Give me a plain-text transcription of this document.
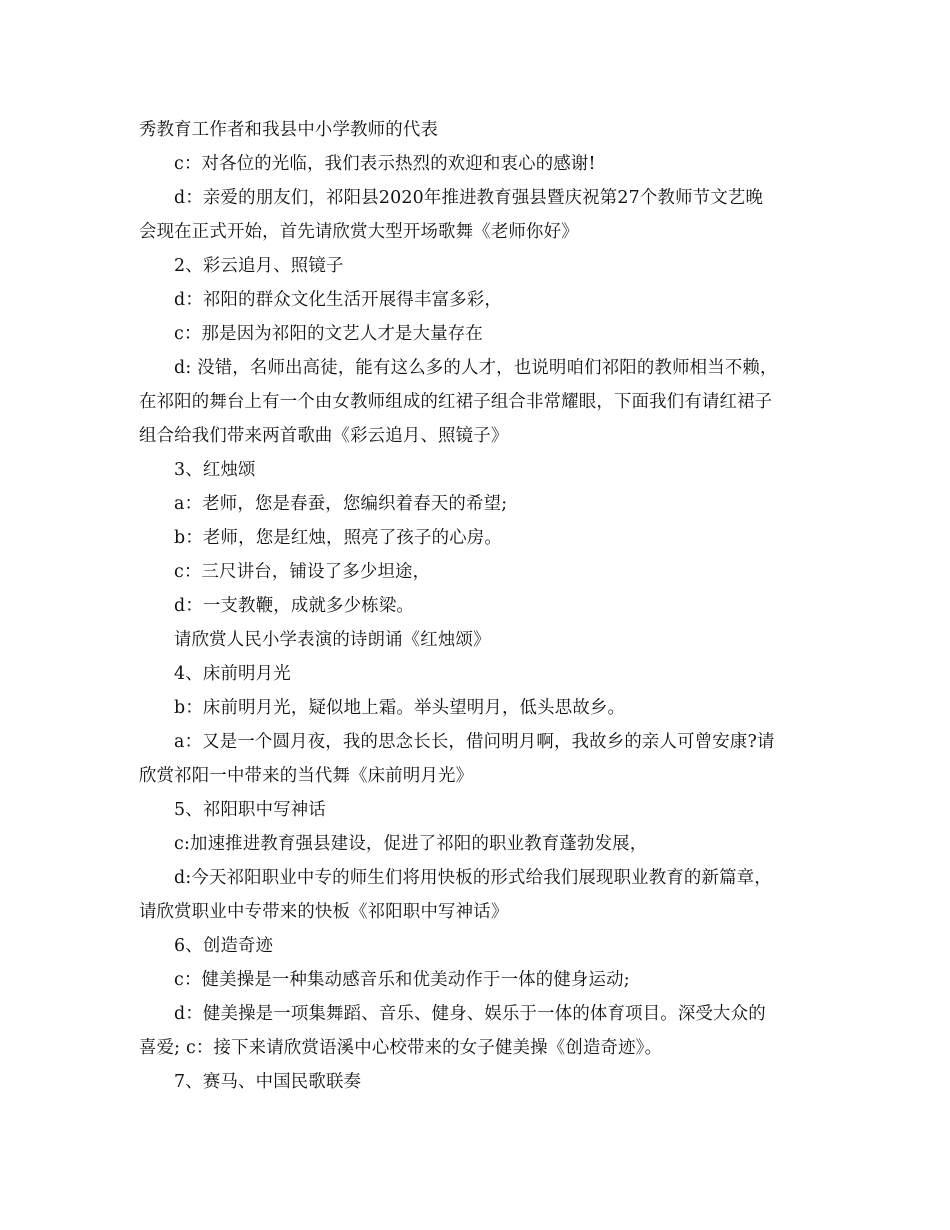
秀教育工作者和我县中小学教师的代表
c：对各位的光临，我们表示热烈的欢迎和衷心的感谢!
d：亲爱的朋友们，祁阳县2020年推进教育强县暨庆祝第27个教师节文艺晚
会现在正式开始，首先请欣赏大型开场歌舞《老师你好》
2、彩云追月、照镜子
d：祁阳的群众文化生活开展得丰富多彩，
c：那是因为祁阳的文艺人才是大量存在
d: 没错，名师出高徒，能有这么多的人才，也说明咱们祁阳的教师相当不赖，
在祁阳的舞台上有一个由女教师组成的红裙子组合非常耀眼，下面我们有请红裙子
组合给我们带来两首歌曲《彩云追月、照镜子》
3、红烛颂
a：老师，您是春蚕，您编织着春天的希望;
b：老师，您是红烛，照亮了孩子的心房。
c：三尺讲台，铺设了多少坦途，
d：一支教鞭，成就多少栋梁。
请欣赏人民小学表演的诗朗诵《红烛颂》
4、床前明月光
b：床前明月光，疑似地上霜。举头望明月，低头思故乡。
a：又是一个圆月夜，我的思念长长，借问明月啊，我故乡的亲人可曾安康?请
欣赏祁阳一中带来的当代舞《床前明月光》
5、祁阳职中写神话
c:加速推进教育强县建设，促进了祁阳的职业教育蓬勃发展，
d:今天祁阳职业中专的师生们将用快板的形式给我们展现职业教育的新篇章，
请欣赏职业中专带来的快板《祁阳职中写神话》
6、创造奇迹
c：健美操是一种集动感音乐和优美动作于一体的健身运动;
d：健美操是一项集舞蹈、音乐、健身、娱乐于一体的体育项目。深受大众的
喜爱; c：接下来请欣赏语溪中心校带来的女子健美操《创造奇迹》。
7、赛马、中国民歌联奏
